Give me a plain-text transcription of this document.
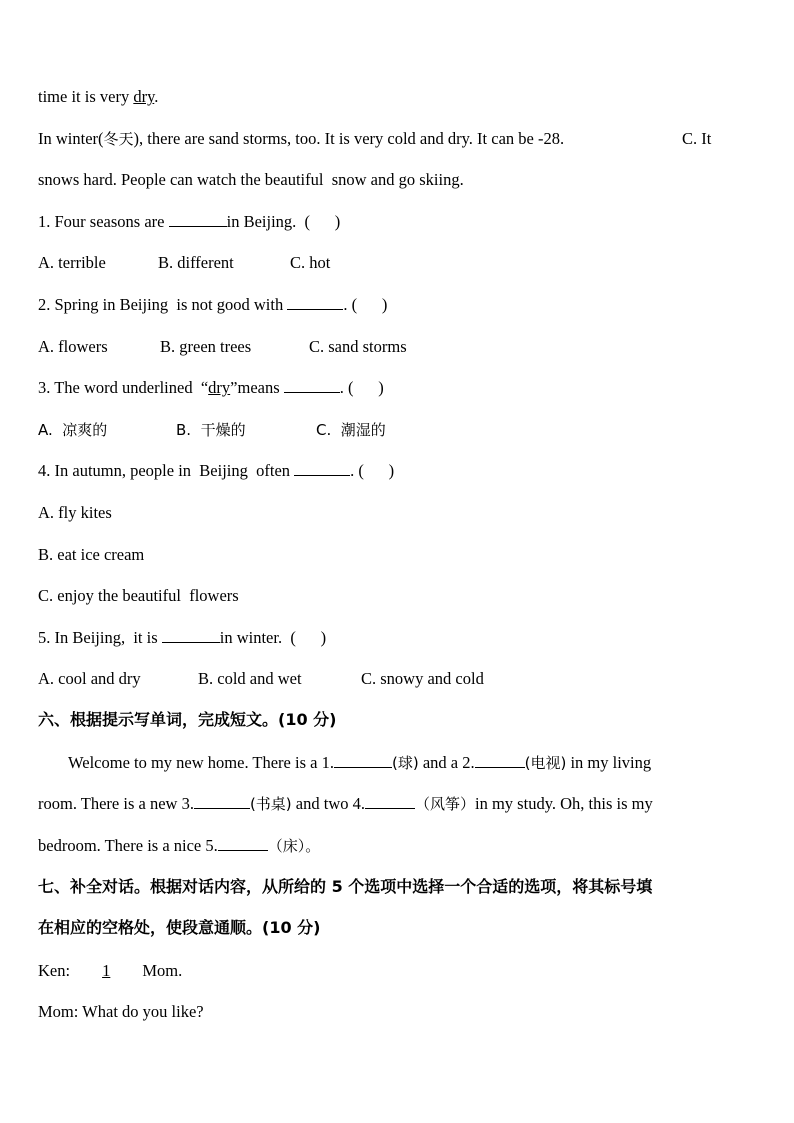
time it is very dry.
In winter(冬天), there are sand storms, too. It is very cold and dry. It can be -28.	C. It
snows hard. People can watch the beautiful  snow and go skiing.
1. Four seasons are	in Beijing.  (      )
A. terrible	B. different	C. hot
2. Spring in Beijing  is not good with	. (      )
A. flowers	B. green trees	C. sand storms
3. The word underlined  “dry”means	. (      )
A.  凉爽的	B.  干燥的	C.  潮湿的
4. In autumn, people in  Beijing  often	. (      )
A. fly kites
B. eat ice cream
C. enjoy the beautiful  flowers
5. In Beijing,  it is	in winter.  (      )
A. cool and dry	B. cold and wet	C. snowy and cold
六、根据提示写单词，完成短文。(10 分)
Welcome to my new home. There is a 1.	(球) and a 2.	(电视) in my living
room. There is a new 3.	(书桌) and two 4.	（风筝）in my study. Oh, this is my
bedroom. There is a nice 5.	（床）。
七、补全对话。根据对话内容，从所给的 5 个选项中选择一个合适的选项，将其标号填
在相应的空格处，使段意通顺。(10 分)
Ken: 1 Mom.
Mom: What do you like?
